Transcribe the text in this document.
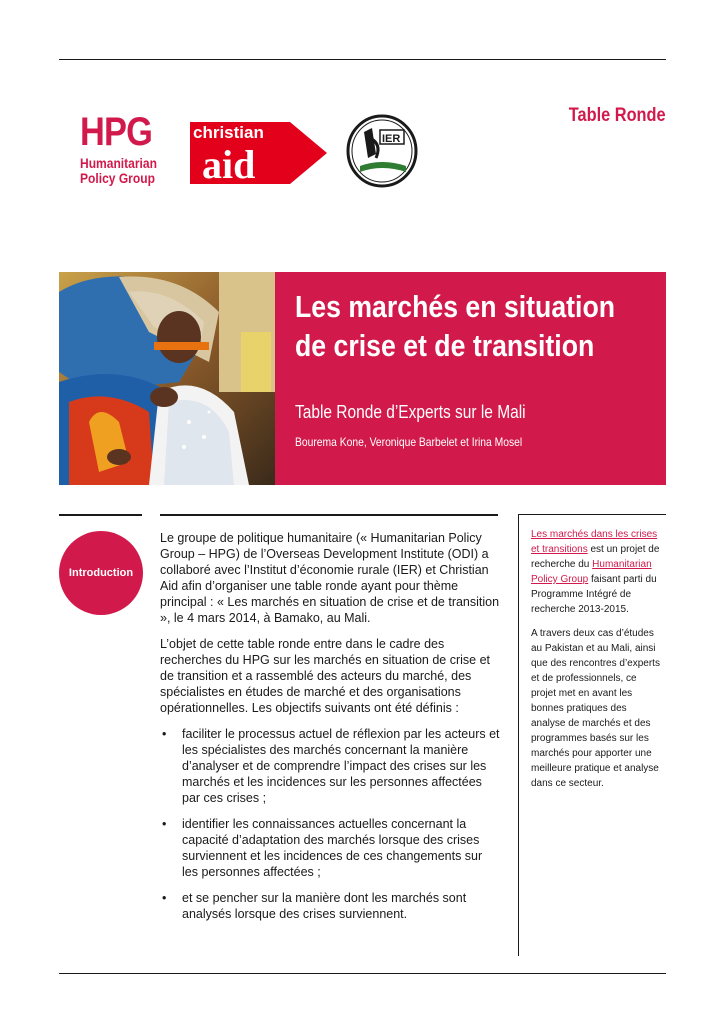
HPG
Humanitarian
Policy Group
christian
aid
IER
Table Ronde
Les marchés en situation
de crise et de transition
Table Ronde d’Experts sur le Mali
Bourema Kone, Veronique Barbelet et Irina Mosel
Introduction

Le groupe de politique humanitaire (« Humanitarian Policy Group – HPG) de l’Overseas Development Institute (ODI) a collaboré avec l’Institut d’économie rurale (IER) et Christian Aid afin d’organiser une table ronde ayant pour thème principal : « Les marchés en situation de crise et de transition », le 4 mars 2014, à Bamako, au Mali.

L’objet de cette table ronde entre dans le cadre des recherches du HPG sur les marchés en situation de crise et de transition et a rassemblé des acteurs du marché, des spécialistes en études de marché et des organisations opérationnelles. Les objectifs suivants ont été définis :

• faciliter le processus actuel de réflexion par les acteurs et les spécialistes des marchés concernant la manière d’analyser et de comprendre l’impact des crises sur les marchés et les incidences sur les personnes affectées par ces crises ;
• identifier les connaissances actuelles concernant la capacité d’adaptation des marchés lorsque des crises surviennent et les incidences de ces changements sur les personnes affectées ;
• et se pencher sur la manière dont les marchés sont analysés lorsque des crises surviennent.

Les marchés dans les crises et transitions est un projet de recherche du Humanitarian Policy Group faisant parti du Programme Intégré de recherche 2013-2015.

A travers deux cas d’études au Pakistan et au Mali, ainsi que des rencontres d’experts et de professionnels, ce projet met en avant les bonnes pratiques des analyse de marchés et des programmes basés sur les marchés pour apporter une meilleure pratique et analyse dans ce secteur.
